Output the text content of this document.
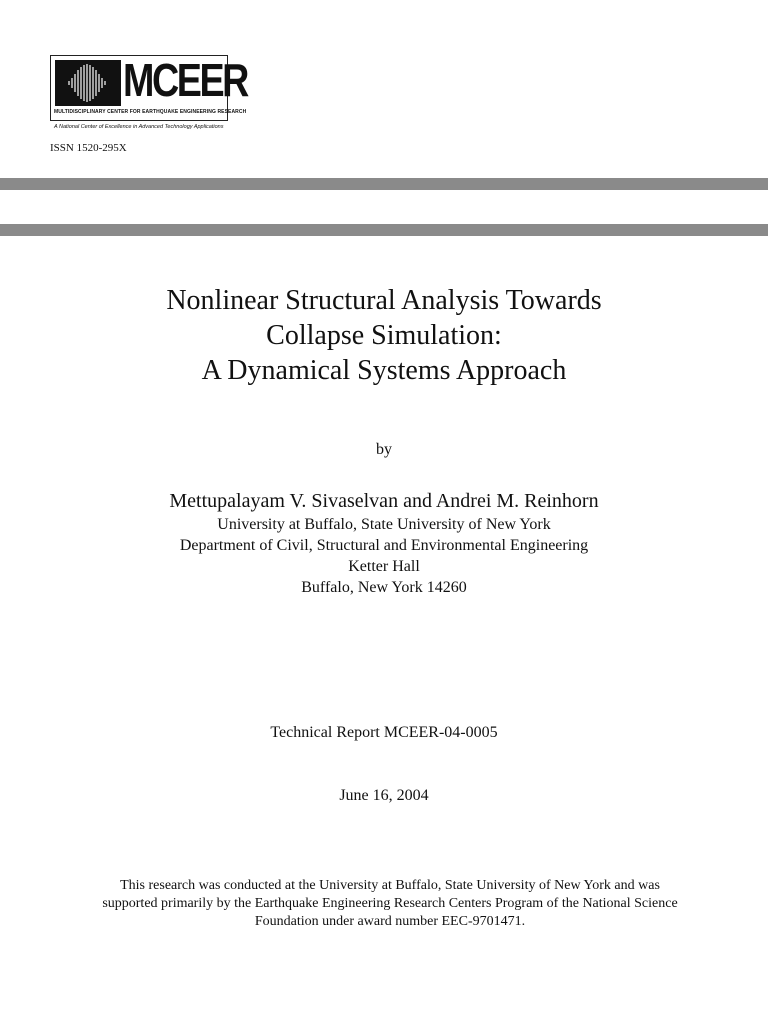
MCEER
MULTIDISCIPLINARY CENTER FOR EARTHQUAKE ENGINEERING RESEARCH
A National Center of Excellence in Advanced Technology Applications
ISSN 1520-295X
Nonlinear Structural Analysis Towards
Collapse Simulation:
A Dynamical Systems Approach
by
Mettupalayam V. Sivaselvan and Andrei M. Reinhorn
University at Buffalo, State University of New York
Department of Civil, Structural and Environmental Engineering
Ketter Hall
Buffalo, New York 14260
Technical Report MCEER-04-0005
June 16, 2004
This research was conducted at the University at Buffalo, State University of New York and was
supported primarily by the Earthquake Engineering Research Centers Program of the National Science
Foundation under award number EEC-9701471.
